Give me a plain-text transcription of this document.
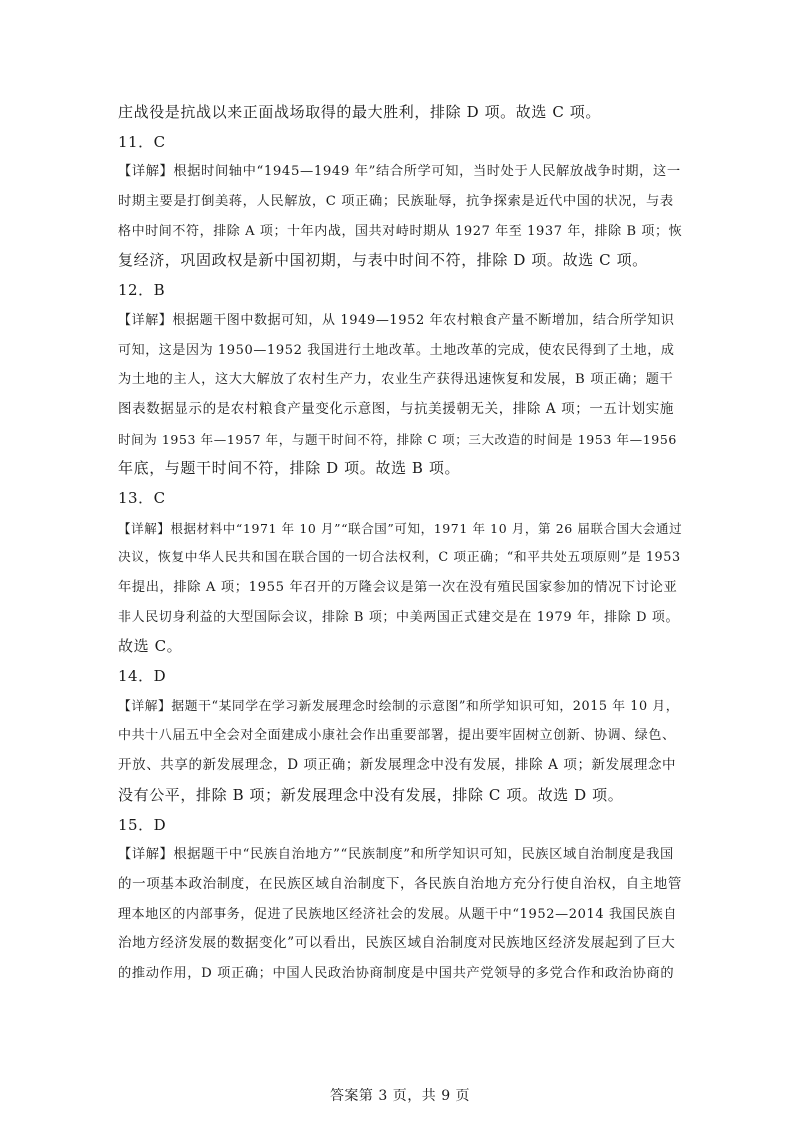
庄战役是抗战以来正面战场取得的最大胜利，排除 D 项。故选 C 项。
11．C
【详解】根据时间轴中“1945—1949 年”结合所学可知，当时处于人民解放战争时期，这一
时期主要是打倒美蒋，人民解放，C 项正确；民族耻辱，抗争探索是近代中国的状况，与表
格中时间不符，排除 A 项；十年内战，国共对峙时期从 1927 年至 1937 年，排除 B 项；恢
复经济，巩固政权是新中国初期，与表中时间不符，排除 D 项。故选 C 项。
12．B
【详解】根据题干图中数据可知，从 1949—1952 年农村粮食产量不断增加，结合所学知识
可知，这是因为 1950—1952 我国进行土地改革。土地改革的完成，使农民得到了土地，成
为土地的主人，这大大解放了农村生产力，农业生产获得迅速恢复和发展，B 项正确；题干
图表数据显示的是农村粮食产量变化示意图，与抗美援朝无关，排除 A 项；一五计划实施
时间为 1953 年—1957 年，与题干时间不符，排除 C 项；三大改造的时间是 1953 年—1956
年底，与题干时间不符，排除 D 项。故选 B 项。
13．C
【详解】根据材料中“1971 年 10 月”“联合国”可知，1971 年 10 月，第 26 届联合国大会通过
决议，恢复中华人民共和国在联合国的一切合法权利，C 项正确；“和平共处五项原则”是 1953
年提出，排除 A 项；1955 年召开的万隆会议是第一次在没有殖民国家参加的情况下讨论亚
非人民切身利益的大型国际会议，排除 B 项；中美两国正式建交是在 1979 年，排除 D 项。
故选 C。
14．D
【详解】据题干“某同学在学习新发展理念时绘制的示意图”和所学知识可知，2015 年 10 月，
中共十八届五中全会对全面建成小康社会作出重要部署，提出要牢固树立创新、协调、绿色、
开放、共享的新发展理念，D 项正确；新发展理念中没有发展，排除 A 项；新发展理念中
没有公平，排除 B 项；新发展理念中没有发展，排除 C 项。故选 D 项。
15．D
【详解】根据题干中“民族自治地方”“民族制度”和所学知识可知，民族区域自治制度是我国
的一项基本政治制度，在民族区域自治制度下，各民族自治地方充分行使自治权，自主地管
理本地区的内部事务，促进了民族地区经济社会的发展。从题干中“1952—2014 我国民族自
治地方经济发展的数据变化”可以看出，民族区域自治制度对民族地区经济发展起到了巨大
的推动作用，D 项正确；中国人民政治协商制度是中国共产党领导的多党合作和政治协商的
答案第 3 页，共 9 页
